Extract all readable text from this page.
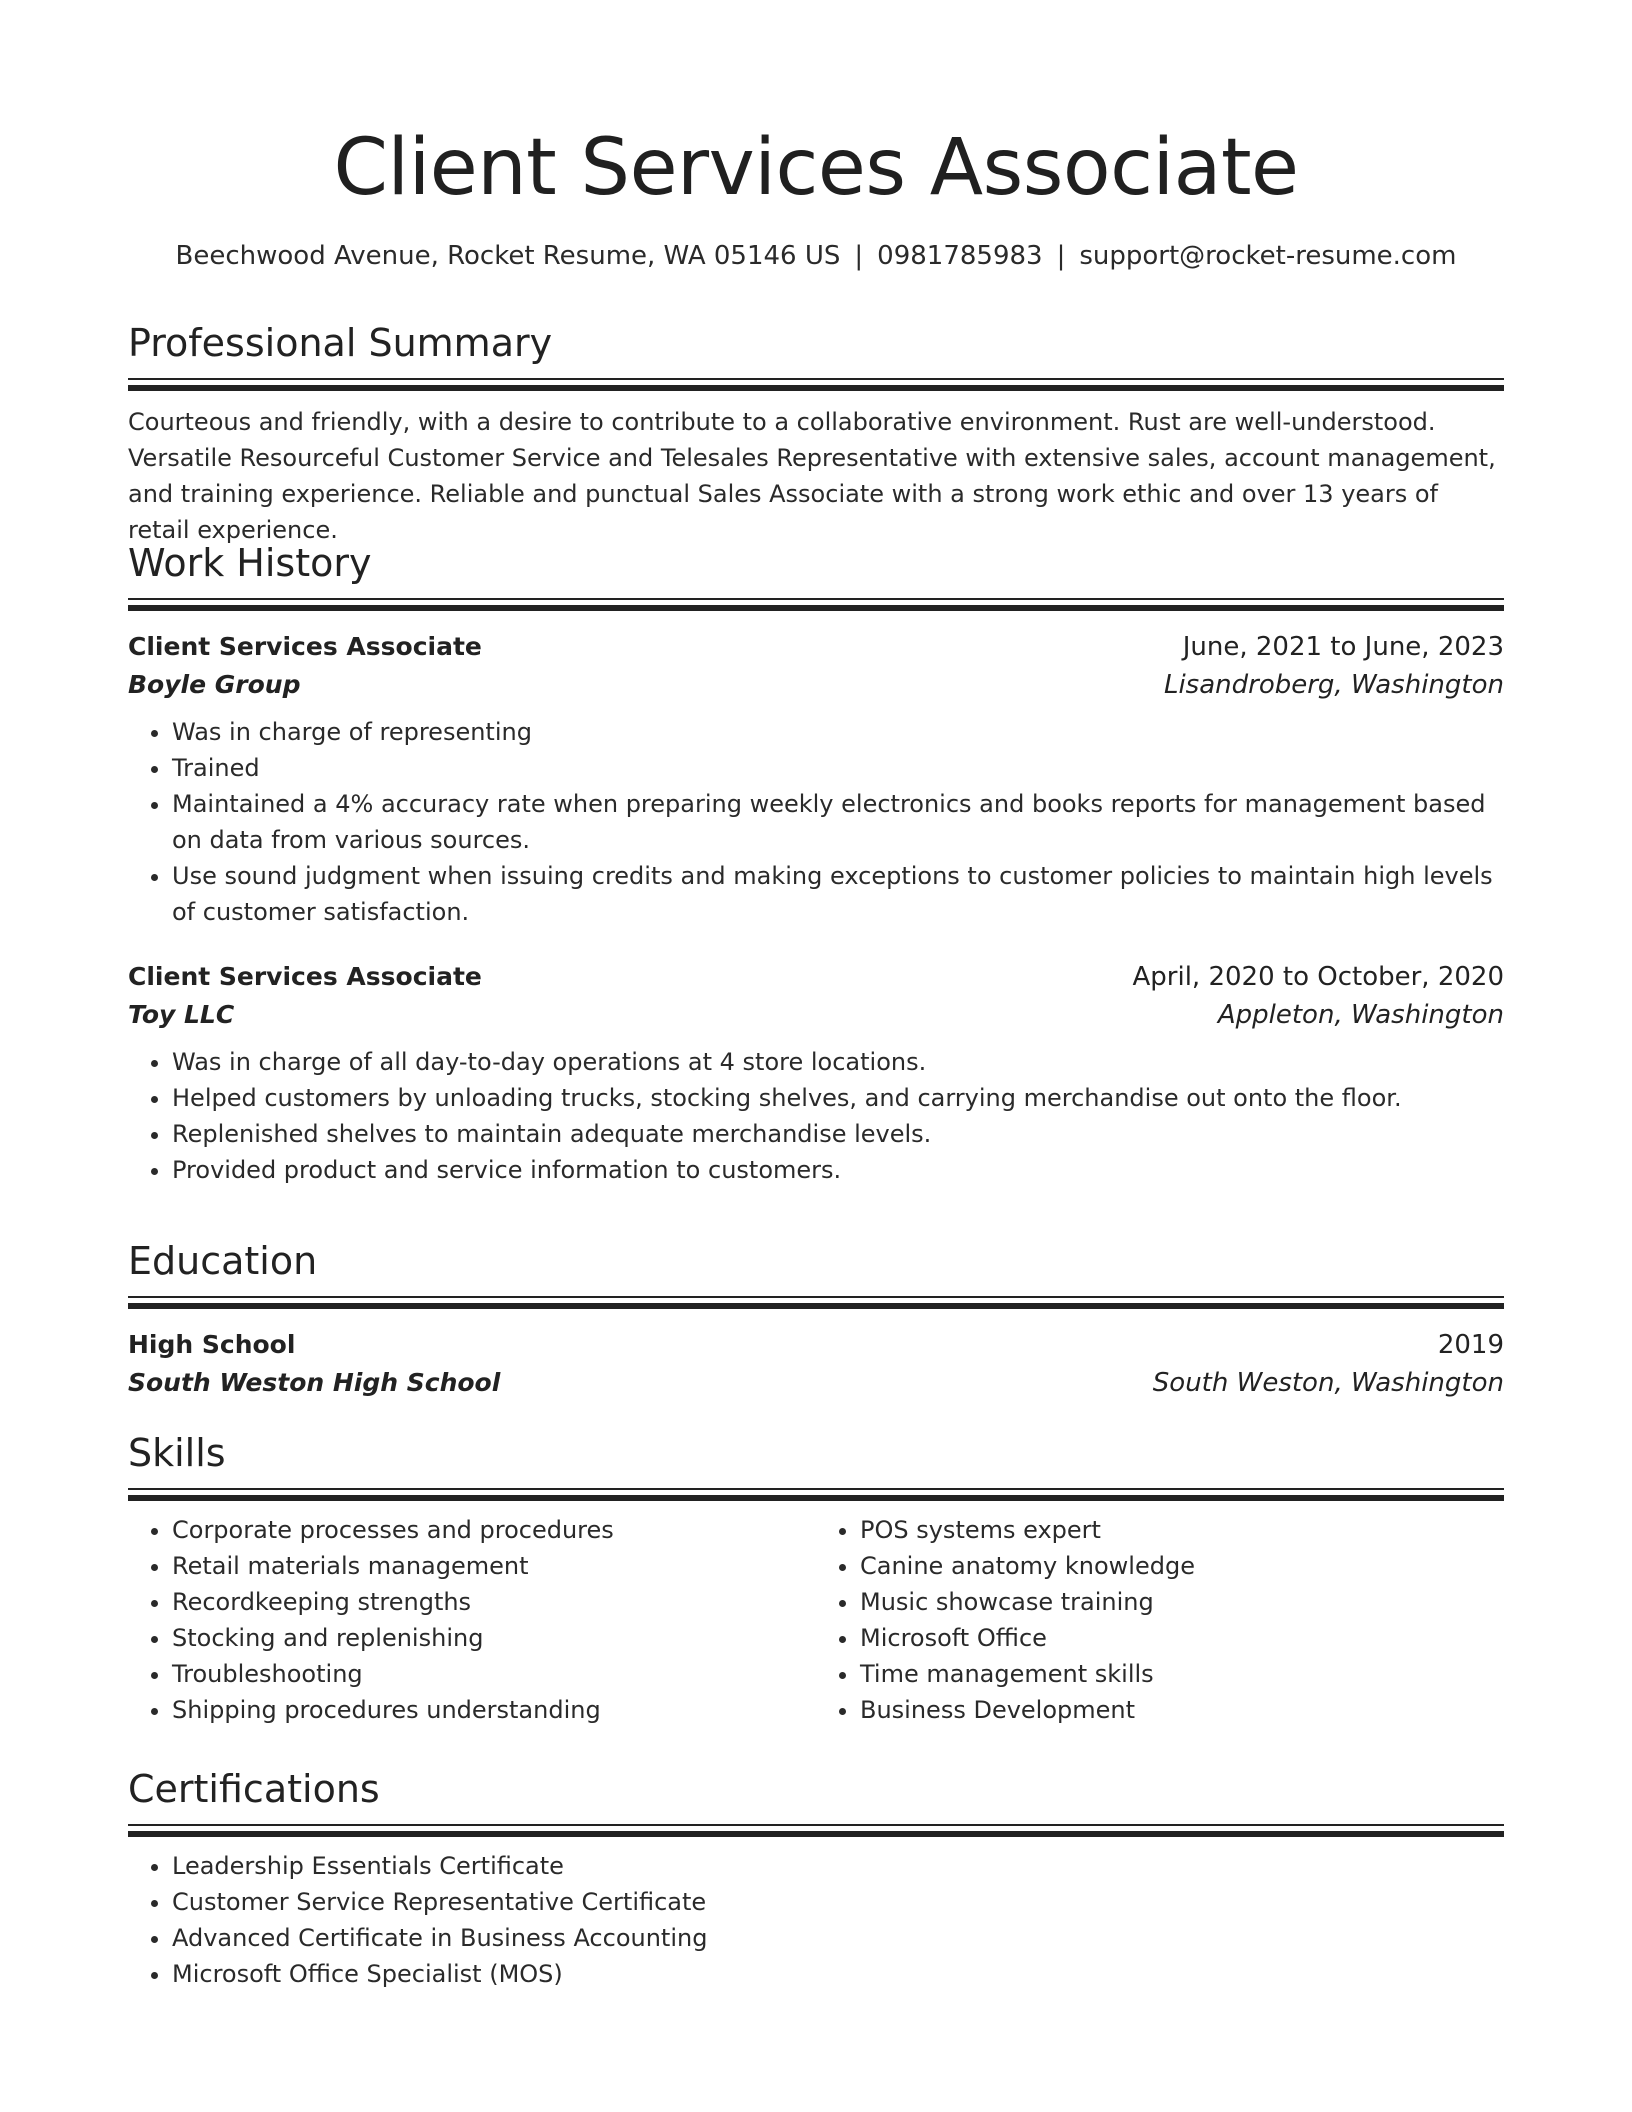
Client Services Associate
Beechwood Avenue, Rocket Resume, WA 05146 US | 0981785983 | support@rocket-resume.com
Professional Summary

Courteous and friendly, with a desire to contribute to a collaborative environment. Rust are well-understood. Versatile Resourceful Customer Service and Telesales Representative with extensive sales, account management, and training experience. Reliable and punctual Sales Associate with a strong work ethic and over 13 years of retail experience.

Work History
Client Services Associate	June, 2021 to June, 2023
Boyle Group	Lisandroberg, Washington
• Was in charge of representing
• Trained
• Maintained a 4% accuracy rate when preparing weekly electronics and books reports for management based on data from various sources.
• Use sound judgment when issuing credits and making exceptions to customer policies to maintain high levels of customer satisfaction.
Client Services Associate	April, 2020 to October, 2020
Toy LLC	Appleton, Washington
• Was in charge of all day-to-day operations at 4 store locations.
• Helped customers by unloading trucks, stocking shelves, and carrying merchandise out onto the floor.
• Replenished shelves to maintain adequate merchandise levels.
• Provided product and service information to customers.
Education
High School	2019
South Weston High School	South Weston, Washington
Skills
• Corporate processes and procedures
• Retail materials management
• Recordkeeping strengths
• Stocking and replenishing
• Troubleshooting
• Shipping procedures understanding
• POS systems expert
• Canine anatomy knowledge
• Music showcase training
• Microsoft Office
• Time management skills
• Business Development
Certifications
• Leadership Essentials Certificate
• Customer Service Representative Certificate
• Advanced Certificate in Business Accounting
• Microsoft Office Specialist (MOS)
